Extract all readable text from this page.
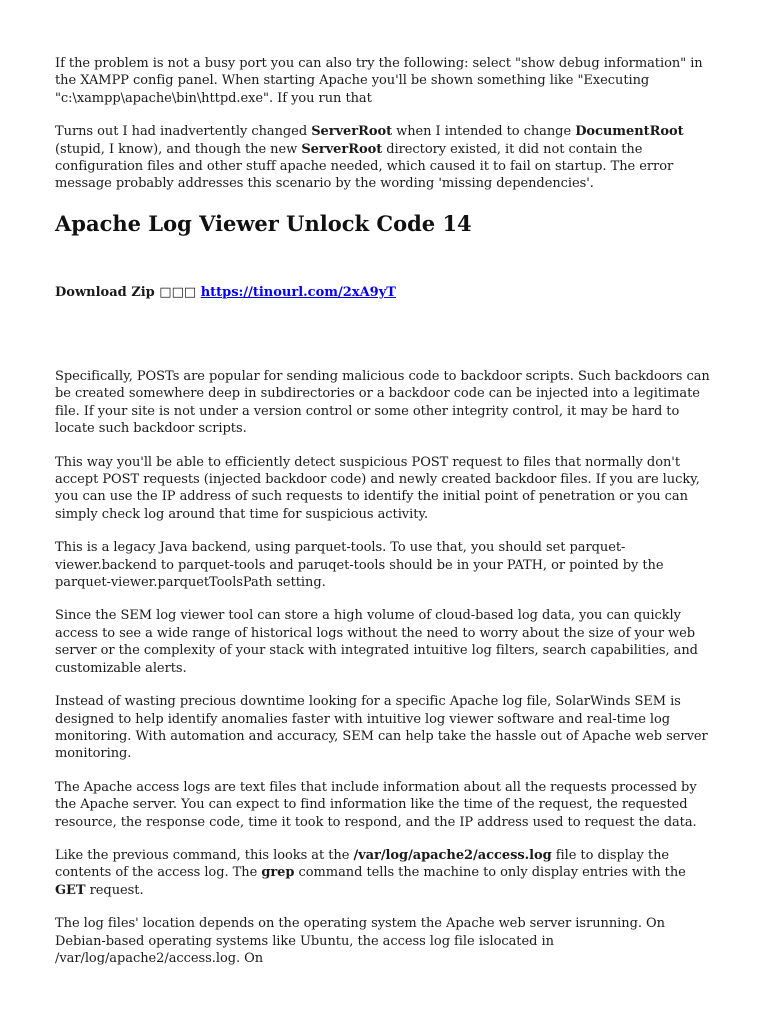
If the problem is not a busy port you can also try the following: select "show debug information" in the XAMPP config panel. When starting Apache you'll be shown something like "Executing "c:\xampp\apache\bin\httpd.exe". If you run that

Turns out I had inadvertently changed ServerRoot when I intended to change DocumentRoot (stupid, I know), and though the new ServerRoot directory existed, it did not contain the configuration files and other stuff apache needed, which caused it to fail on startup. The error message probably addresses this scenario by the wording 'missing dependencies'.

Apache Log Viewer Unlock Code 14
Download Zip □□□ https://tinourl.com/2xA9yT

Specifically, POSTs are popular for sending malicious code to backdoor scripts. Such backdoors can be created somewhere deep in subdirectories or a backdoor code can be injected into a legitimate file. If your site is not under a version control or some other integrity control, it may be hard to locate such backdoor scripts.

This way you'll be able to efficiently detect suspicious POST request to files that normally don't accept POST requests (injected backdoor code) and newly created backdoor files. If you are lucky, you can use the IP address of such requests to identify the initial point of penetration or you can simply check log around that time for suspicious activity.

This is a legacy Java backend, using parquet-tools. To use that, you should set parquet-viewer.backend to parquet-tools and paruqet-tools should be in your PATH, or pointed by the parquet-viewer.parquetToolsPath setting.

Since the SEM log viewer tool can store a high volume of cloud-based log data, you can quickly access to see a wide range of historical logs without the need to worry about the size of your web server or the complexity of your stack with integrated intuitive log filters, search capabilities, and customizable alerts.

Instead of wasting precious downtime looking for a specific Apache log file, SolarWinds SEM is designed to help identify anomalies faster with intuitive log viewer software and real-time log monitoring. With automation and accuracy, SEM can help take the hassle out of Apache web server monitoring.

The Apache access logs are text files that include information about all the requests processed by the Apache server. You can expect to find information like the time of the request, the requested resource, the response code, time it took to respond, and the IP address used to request the data.

Like the previous command, this looks at the /var/log/apache2/access.log file to display the contents of the access log. The grep command tells the machine to only display entries with the GET request.

The log files' location depends on the operating system the Apache web server isrunning. On Debian-based operating systems like Ubuntu, the access log file islocated in /var/log/apache2/access.log. On
